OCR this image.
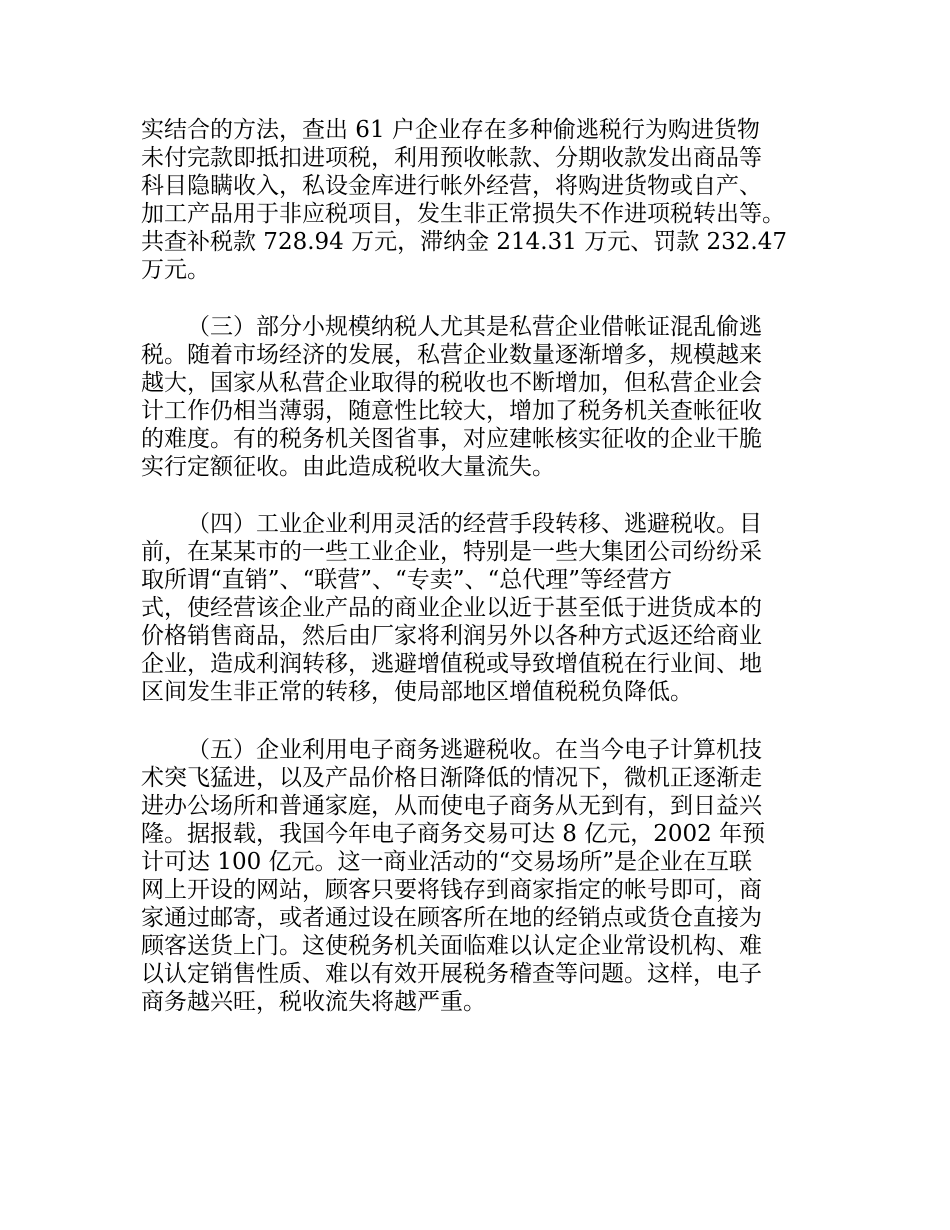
实结合的方法，查出 61 户企业存在多种偷逃税行为购进货物
未付完款即抵扣进项税，利用预收帐款、分期收款发出商品等
科目隐瞒收入，私设金库进行帐外经营，将购进货物或自产、
加工产品用于非应税项目，发生非正常损失不作进项税转出等。
共查补税款 728.94 万元，滞纳金 214.31 万元、罚款 232.47
万元。
（三）部分小规模纳税人尤其是私营企业借帐证混乱偷逃
税。随着市场经济的发展，私营企业数量逐渐增多，规模越来
越大，国家从私营企业取得的税收也不断增加，但私营企业会
计工作仍相当薄弱，随意性比较大，增加了税务机关查帐征收
的难度。有的税务机关图省事，对应建帐核实征收的企业干脆
实行定额征收。由此造成税收大量流失。
（四）工业企业利用灵活的经营手段转移、逃避税收。目
前，在某某市的一些工业企业，特别是一些大集团公司纷纷采
取所谓“直销”、“联营”、“专卖”、“总代理”等经营方
式，使经营该企业产品的商业企业以近于甚至低于进货成本的
价格销售商品，然后由厂家将利润另外以各种方式返还给商业
企业，造成利润转移，逃避增值税或导致增值税在行业间、地
区间发生非正常的转移，使局部地区增值税税负降低。
（五）企业利用电子商务逃避税收。在当今电子计算机技
术突飞猛进，以及产品价格日渐降低的情况下，微机正逐渐走
进办公场所和普通家庭，从而使电子商务从无到有，到日益兴
隆。据报载，我国今年电子商务交易可达 8 亿元，2002 年预
计可达 100 亿元。这一商业活动的“交易场所”是企业在互联
网上开设的网站，顾客只要将钱存到商家指定的帐号即可，商
家通过邮寄，或者通过设在顾客所在地的经销点或货仓直接为
顾客送货上门。这使税务机关面临难以认定企业常设机构、难
以认定销售性质、难以有效开展税务稽查等问题。这样，电子
商务越兴旺，税收流失将越严重。
